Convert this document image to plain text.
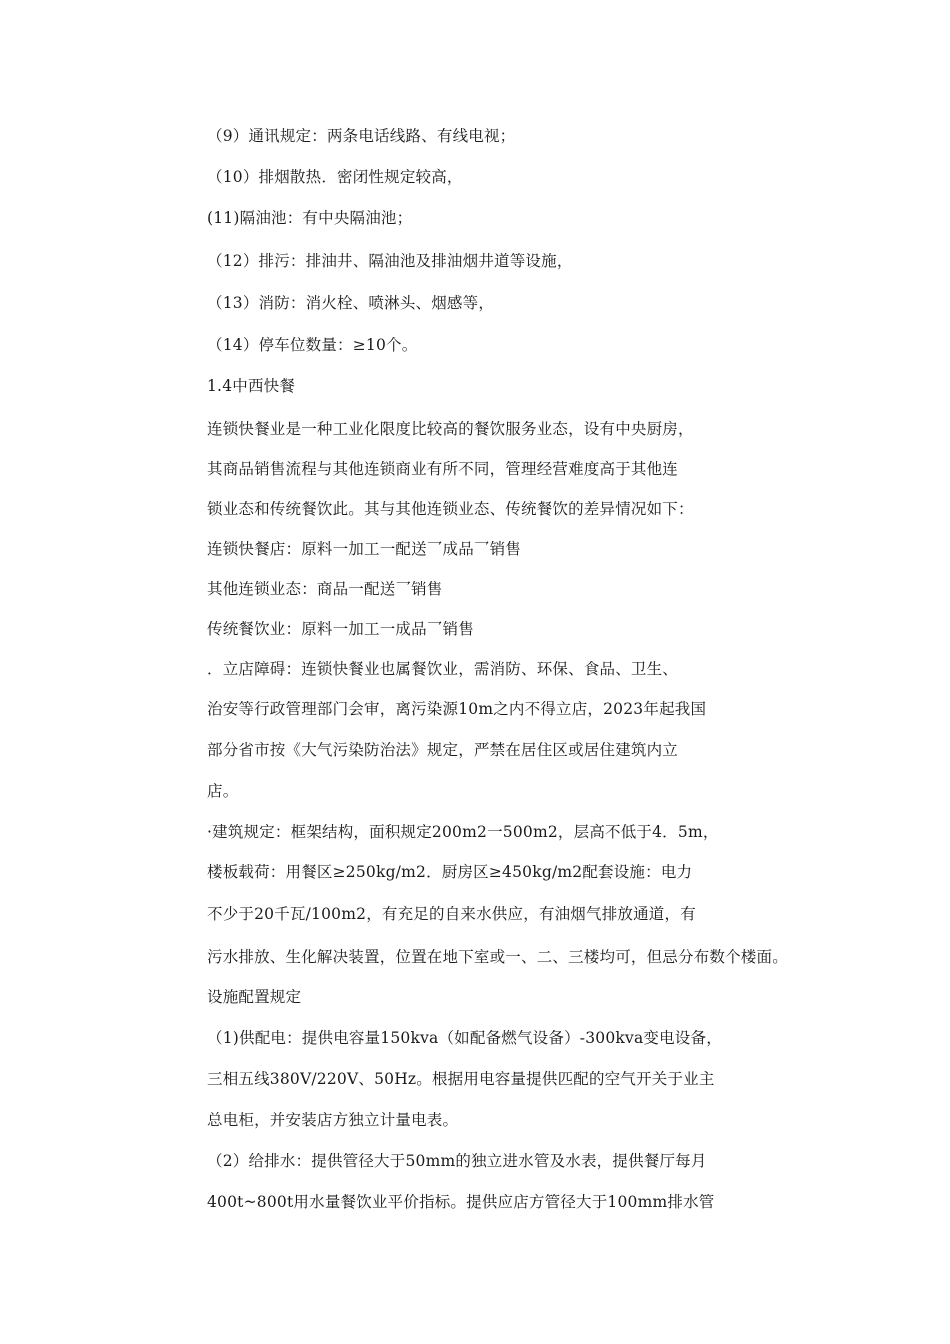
（9）通讯规定：两条电话线路、有线电视；
（10）排烟散热．密闭性规定较高，
(11)隔油池：有中央隔油池；
（12）排污：排油井、隔油池及排油烟井道等设施，
（13）消防：消火栓、喷淋头、烟感等，
（14）停车位数量：≥10个。
1.4中西快餐
连锁快餐业是一种工业化限度比较高的餐饮服务业态，设有中央厨房，
其商品销售流程与其他连锁商业有所不同，管理经营难度高于其他连
锁业态和传统餐饮此。其与其他连锁业态、传统餐饮的差异情况如下：
连锁快餐店：原料一加工一配送乛成品乛销售
其他连锁业态：商品一配送乛销售
传统餐饮业：原料一加工一成品乛销售
．立店障碍：连锁快餐业也属餐饮业，需消防、环保、食品、卫生、
治安等行政管理部门会审，离污染源10m之内不得立店，2023年起我国
部分省市按《大气污染防治法》规定，严禁在居住区或居住建筑内立
店。
·建筑规定：框架结构，面积规定200m2一500m2，层高不低于4．5m，
楼板载荷：用餐区≥250kg/m2．厨房区≥450kg/m2配套设施：电力
不少于20千瓦/100m2，有充足的自来水供应，有油烟气排放通道，有
污水排放、生化解决装置，位置在地下室或一、二、三楼均可，但忌分布数个楼面。
设施配置规定
（1)供配电：提供电容量150kva（如配备燃气设备）-300kva变电设备，
三相五线380V/220V、50Hz。根据用电容量提供匹配的空气开关于业主
总电柜，并安装店方独立计量电表。
（2）给排水：提供管径大于50mm的独立进水管及水表，提供餐厅每月
400t~800t用水量餐饮业平价指标。提供应店方管径大于100mm排水管
